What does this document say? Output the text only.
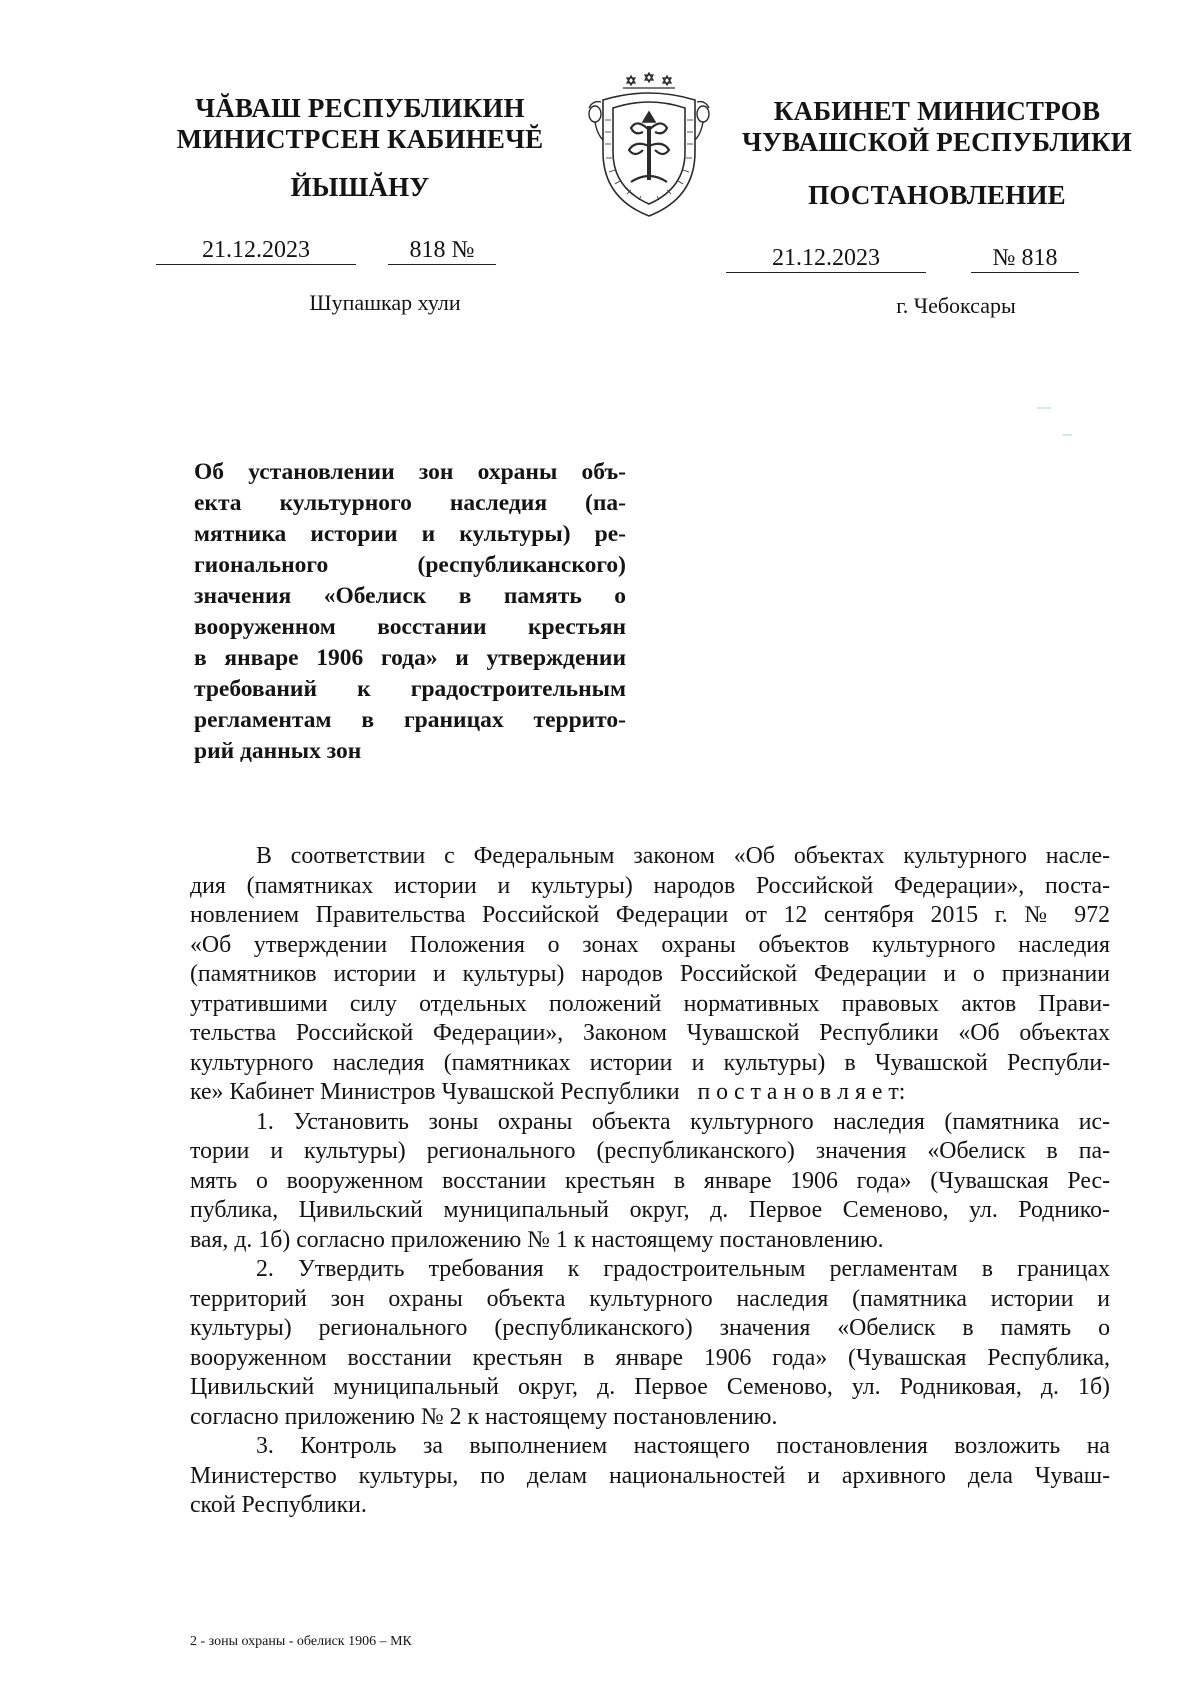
ЧĂВАШ РЕСПУБЛИКИН
МИНИСТРСЕН КАБИНЕЧĔ
ЙЫШĂНУ
КАБИНЕТ МИНИСТРОВ
ЧУВАШСКОЙ РЕСПУБЛИКИ
ПОСТАНОВЛЕНИЕ
21.12.2023	818 №	21.12.2023	№ 818
Шупашкар хули	г. Чебоксары
Об установлении зон охраны объ-
екта культурного наследия (па-
мятника истории и культуры) ре-
гионального (республиканского)
значения «Обелиск в память о
вооруженном восстании крестьян
в январе 1906 года» и утверждении
требований к градостроительным
регламентам в границах террито-
рий данных зон
В соответствии с Федеральным законом «Об объектах культурного насле-
дия (памятниках истории и культуры) народов Российской Федерации», поста-
новлением Правительства Российской Федерации от 12 сентября 2015 г. № 972
«Об утверждении Положения о зонах охраны объектов культурного наследия
(памятников истории и культуры) народов Российской Федерации и о признании
утратившими силу отдельных положений нормативных правовых актов Прави-
тельства Российской Федерации», Законом Чувашской Республики «Об объектах
культурного наследия (памятниках истории и культуры) в Чувашской Республи-
ке» Кабинет Министров Чувашской Республики п о с т а н о в л я е т:
1. Установить зоны охраны объекта культурного наследия (памятника ис-
тории и культуры) регионального (республиканского) значения «Обелиск в па-
мять о вооруженном восстании крестьян в январе 1906 года» (Чувашская Рес-
публика, Цивильский муниципальный округ, д. Первое Семеново, ул. Роднико-
вая, д. 1б) согласно приложению № 1 к настоящему постановлению.
2. Утвердить требования к градостроительным регламентам в границах
территорий зон охраны объекта культурного наследия (памятника истории и
культуры) регионального (республиканского) значения «Обелиск в память о
вооруженном восстании крестьян в январе 1906 года» (Чувашская Республика,
Цивильский муниципальный округ, д. Первое Семеново, ул. Родниковая, д. 1б)
согласно приложению № 2 к настоящему постановлению.
3. Контроль за выполнением настоящего постановления возложить на
Министерство культуры, по делам национальностей и архивного дела Чуваш-
ской Республики.
2 - зоны охраны - обелиск 1906 – МК
